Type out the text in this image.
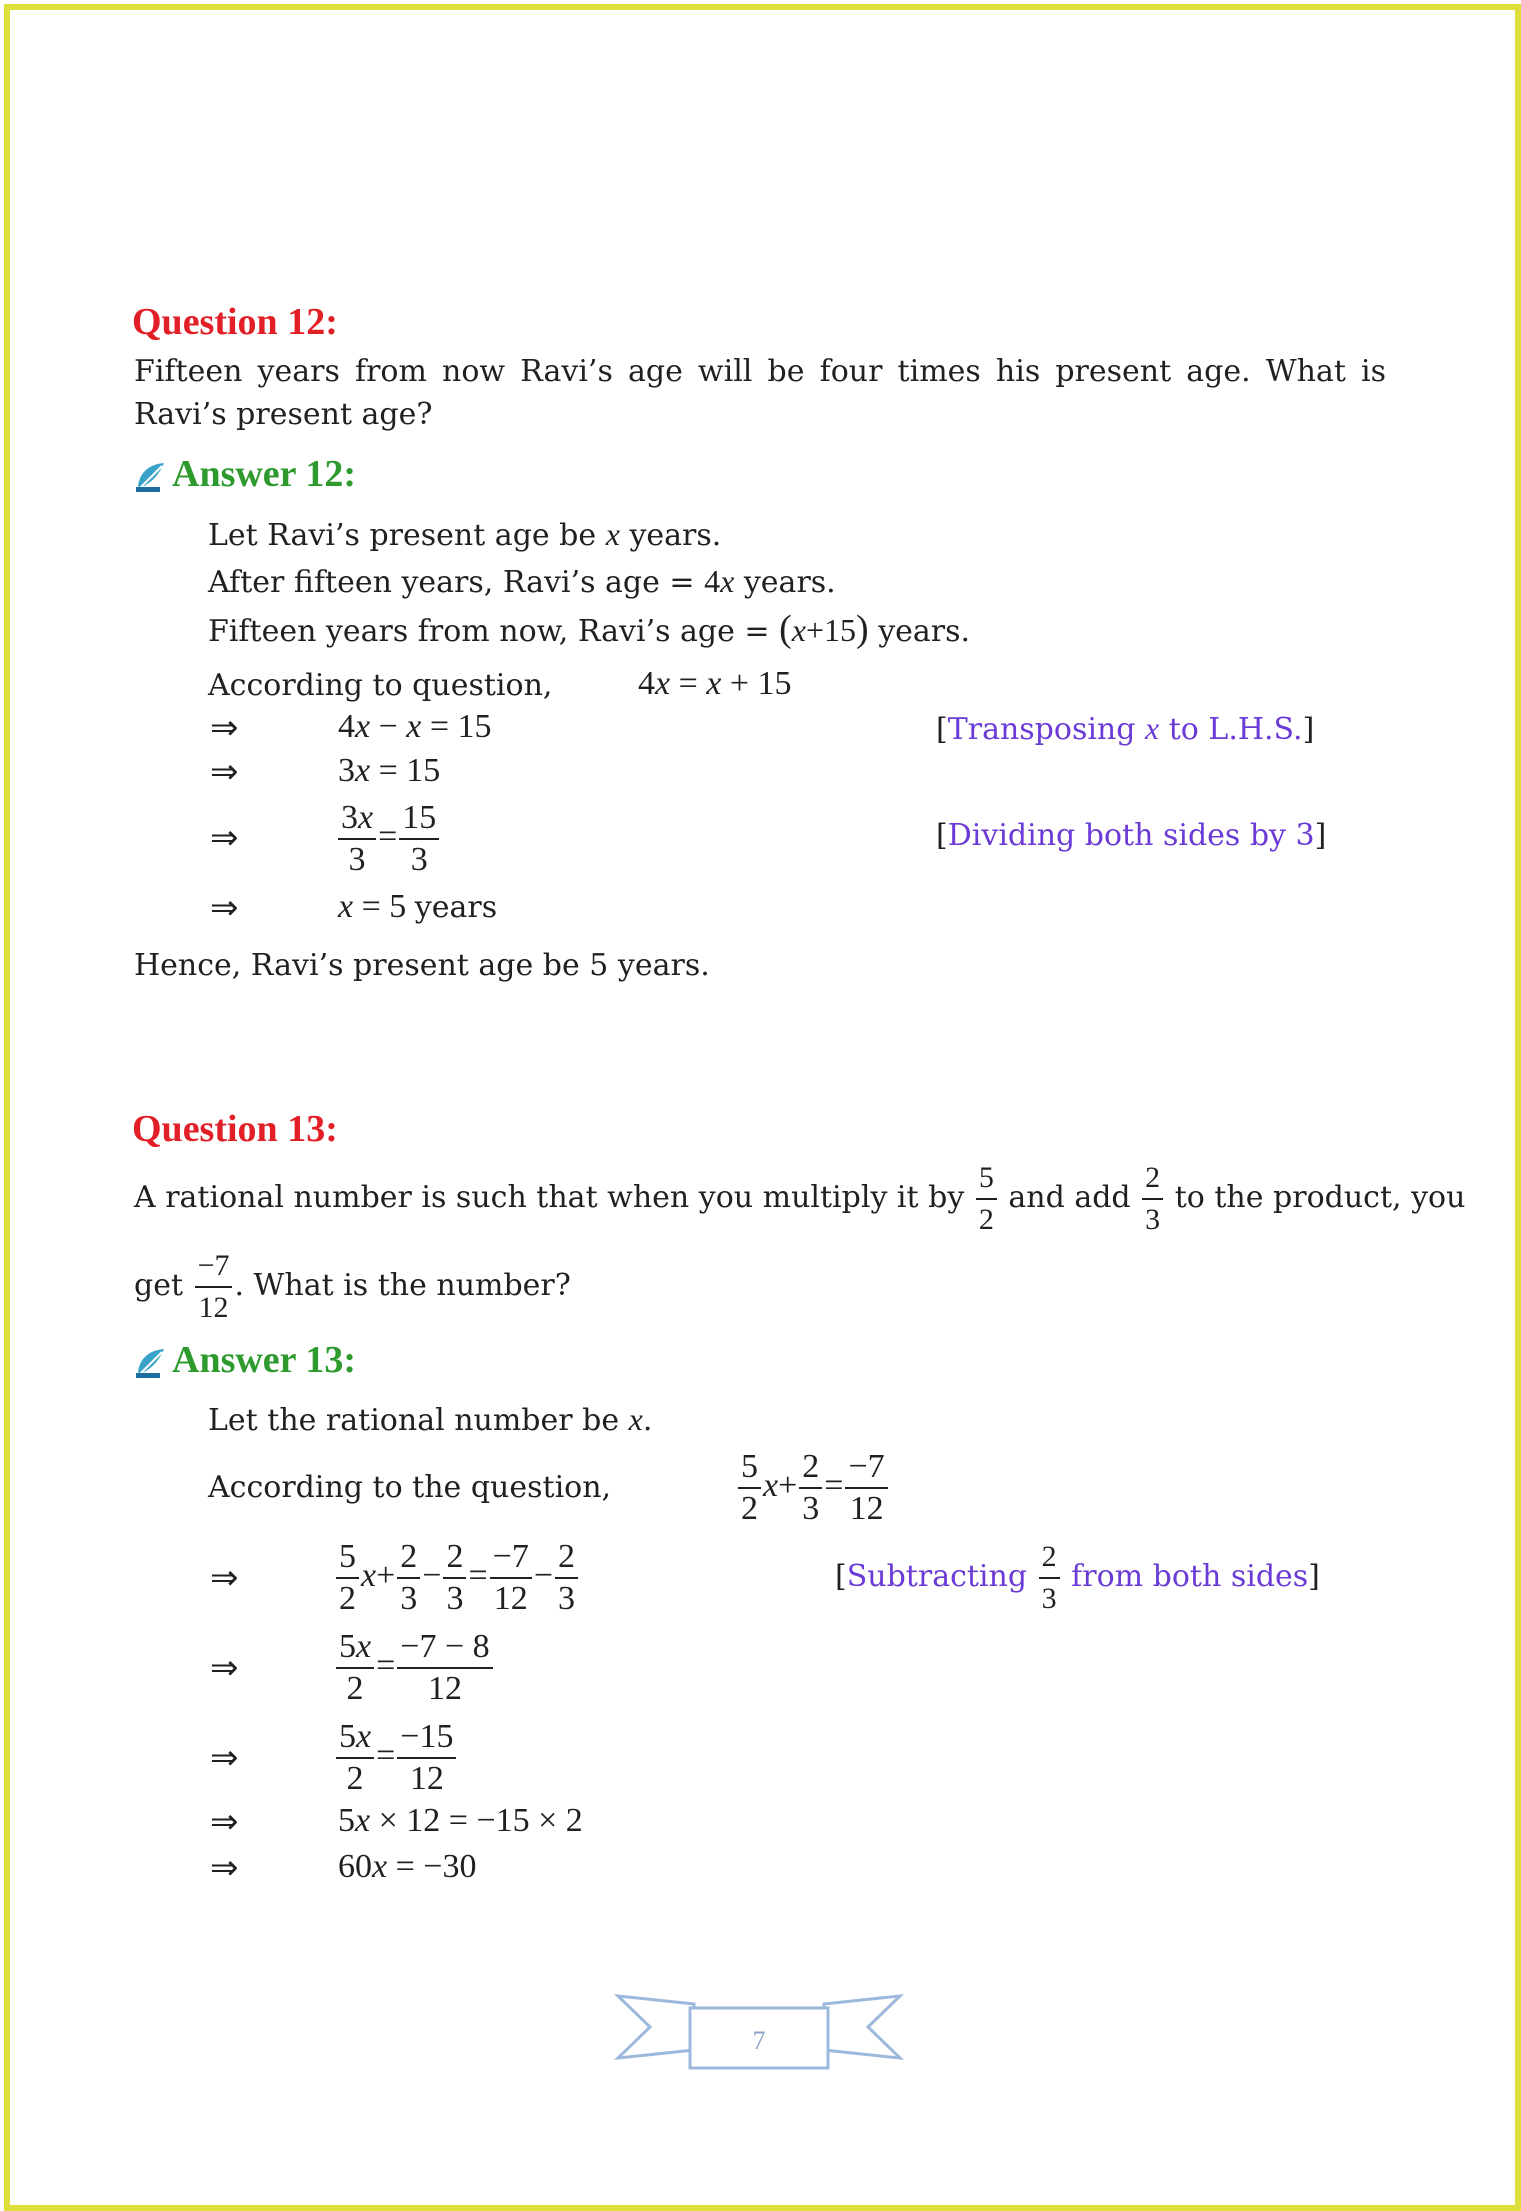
Question 12:
Fifteen years from now Ravi’s age will be four times his present age. What is Ravi’s present age?
Answer 12:
Let Ravi’s present age be x years.
After fifteen years, Ravi’s age = 4x years.
Fifteen years from now, Ravi’s age = (x+15) years.
According to question,	4x = x + 15
⇒	4x − x = 15	[Transposing x to L.H.S.]
⇒	3x = 15
⇒	$\frac{3x}{3} = \frac{15}{3}$	[Dividing both sides by 3]
⇒	x = 5 years
Hence, Ravi’s present age be 5 years.
Question 13:
A rational number is such that when you multiply it by $\frac{5}{2}$ and add $\frac{2}{3}$ to the product, you
get $\frac{-7}{12}$ . What is the number?
Answer 13:
Let the rational number be x.
According to the question,	$\frac{5}{2} x+ \frac{2}{3} = \frac{-7}{12}$
⇒	$\frac{5}{2} x+ \frac{2}{3} - \frac{2}{3} = \frac{-7}{12} - \frac{2}{3}$	[Subtracting $\frac{2}{3}$ from both sides]
⇒	$\frac{5x}{2} = \frac{-7 - 8}{12}$
⇒	$\frac{5x}{2} = \frac{-15}{12}$
⇒	5x × 12 = −15 × 2
⇒	60x = −30
7
